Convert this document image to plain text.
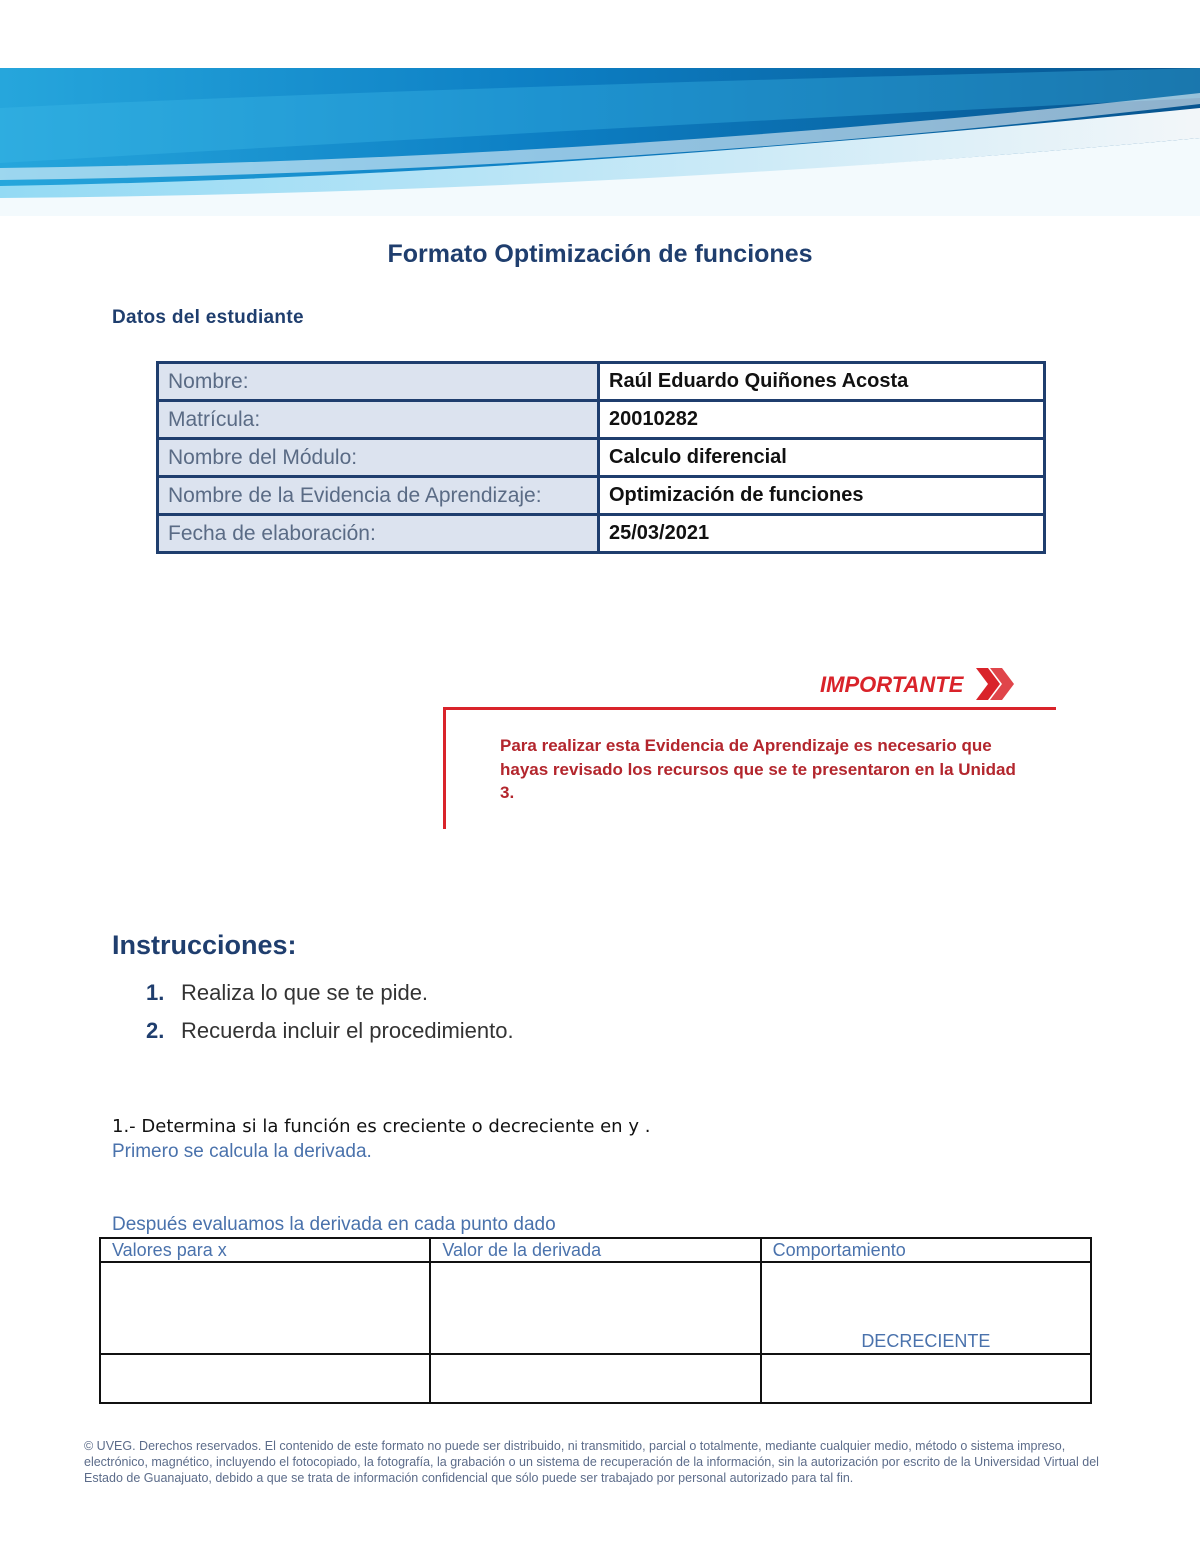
Formato Optimización de funciones
Datos del estudiante
Nombre:	Raúl Eduardo Quiñones Acosta
Matrícula:	20010282
Nombre del Módulo:	Calculo diferencial
Nombre de la Evidencia de Aprendizaje:	Optimización de funciones
Fecha de elaboración:	25/03/2021
IMPORTANTE
Para realizar esta Evidencia de Aprendizaje es necesario que hayas revisado los recursos que se te presentaron en la Unidad 3.
Instrucciones:
1. Realiza lo que se te pide.
2. Recuerda incluir el procedimiento.
1.- Determina si la función es creciente o decreciente en y .
Primero se calcula la derivada.
Después evaluamos la derivada en cada punto dado
Valores para x	Valor de la derivada	Comportamiento

		DECRECIENTE

© UVEG. Derechos reservados. El contenido de este formato no puede ser distribuido, ni transmitido, parcial o totalmente, mediante cualquier medio, método o sistema impreso, electrónico, magnético, incluyendo el fotocopiado, la fotografía, la grabación o un sistema de recuperación de la información, sin la autorización por escrito de la Universidad Virtual del Estado de Guanajuato, debido a que se trata de información confidencial que sólo puede ser trabajado por personal autorizado para tal fin.
